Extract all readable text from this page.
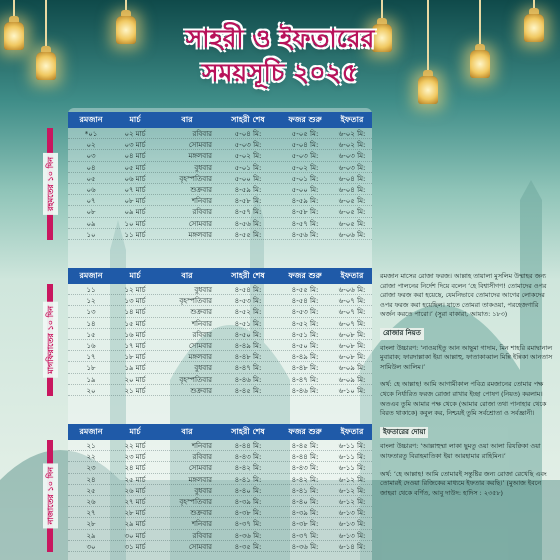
সাহরী ও ইফতারের
সময়সূচি ২০২৫
রমজান	মার্চ	বার	সাহরী শেষ	ফজর শুরু	ইফতার
*০১	০২ মার্চ	রবিবার	৫-০৪ মি:	৫-০৫ মি:	৬-০২ মি:
০২	০৩ মার্চ	সোমবার	৫-০৩ মি:	৫-০৪ মি:	৬-০২ মি:
০৩	০৪ মার্চ	মঙ্গলবার	৫-০২ মি:	৫-০৩ মি:	৬-০৩ মি:
০৪	০৫ মার্চ	বুধবার	৫-০১ মি:	৫-০২ মি:	৬-০৩ মি:
০৫	০৬ মার্চ	বৃহস্পতিবার	৫-০০ মি:	৫-০১ মি:	৬-০৪ মি:
০৬	০৭ মার্চ	শুক্রবার	৪-৫৯ মি:	৫-০০ মি:	৬-০৪ মি:
০৭	০৮ মার্চ	শনিবার	৪-৫৮ মি:	৪-৫৯ মি:	৬-০৫ মি:
০৮	০৯ মার্চ	রবিবার	৪-৫৭ মি:	৪-৫৮ মি:	৬-০৫ মি:
০৯	১০ মার্চ	সোমবার	৪-৫৬ মি:	৪-৫৭ মি:	৬-০৫ মি:
১০	১১ মার্চ	মঙ্গলবার	৪-৫৫ মি:	৪-৫৬ মি:	৬-০৬ মি:
রহমতের ১০ দিন
রমজান	মার্চ	বার	সাহরী শেষ	ফজর শুরু	ইফতার
১১	১২ মার্চ	বুধবার	৪-৫৪ মি:	৪-৫৫ মি:	৬-০৬ মি:
১২	১৩ মার্চ	বৃহস্পতিবার	৪-৫৩ মি:	৪-৫৪ মি:	৬-০৭ মি:
১৩	১৪ মার্চ	শুক্রবার	৪-৫২ মি:	৪-৫৩ মি:	৬-০৭ মি:
১৪	১৫ মার্চ	শনিবার	৪-৫১ মি:	৪-৫২ মি:	৬-০৭ মি:
১৫	১৬ মার্চ	রবিবার	৪-৫০ মি:	৪-৫১ মি:	৬-০৮ মি:
১৬	১৭ মার্চ	সোমবার	৪-৪৯ মি:	৪-৫০ মি:	৬-০৮ মি:
১৭	১৮ মার্চ	মঙ্গলবার	৪-৪৮ মি:	৪-৪৯ মি:	৬-০৮ মি:
১৮	১৯ মার্চ	বুধবার	৪-৪৭ মি:	৪-৪৮ মি:	৬-০৯ মি:
১৯	২০ মার্চ	বৃহস্পতিবার	৪-৪৬ মি:	৪-৪৭ মি:	৬-০৯ মি:
২০	২১ মার্চ	শুক্রবার	৪-৪৫ মি:	৪-৪৬ মি:	৬-১০ মি:
মাগফিরাতের ১০ দিন
রমজান	মার্চ	বার	সাহরী শেষ	ফজর শুরু	ইফতার
২১	২২ মার্চ	শনিবার	৪-৪৪ মি:	৪-৪৫ মি:	৬-১১ মি:
২২	২৩ মার্চ	রবিবার	৪-৪৩ মি:	৪-৪৪ মি:	৬-১১ মি:
২৩	২৪ মার্চ	সোমবার	৪-৪২ মি:	৪-৪৩ মি:	৬-১১ মি:
২৪	২৫ মার্চ	মঙ্গলবার	৪-৪১ মি:	৪-৪২ মি:	৬-১২ মি:
২৫	২৬ মার্চ	বুধবার	৪-৪০ মি:	৪-৪১ মি:	৬-১২ মি:
২৬	২৭ মার্চ	বৃহস্পতিবার	৪-৩৯ মি:	৪-৪০ মি:	৬-১২ মি:
২৭	২৮ মার্চ	শুক্রবার	৪-৩৮ মি:	৪-৩৯ মি:	৬-১৩ মি:
২৮	২৯ মার্চ	শনিবার	৪-৩৭ মি:	৪-৩৮ মি:	৬-১৩ মি:
২৯	৩০ মার্চ	রবিবার	৪-৩৬ মি:	৪-৩৭ মি:	৬-১৩ মি:
৩০	৩১ মার্চ	সোমবার	৪-৩৫ মি:	৪-৩৬ মি:	৬-১৪ মি:
নাজাতের ১০ দিন
রমজান মাসের রোজা ফরজ। আল্লাহ তায়ালা মুসলিম উম্মাহর জন্য রোজা পালনের নির্দেশ দিয়ে বলেন ‘হে বিশ্বাসীগণ! তোমাদের ওপর রোজা ফরজ করা হয়েছে, যেমনিভাবে তোমাদের আগের লোকদের ওপর ফরজ করা হয়েছিল। যাতে তোমরা তাকওয়া, পরহেজগারি অর্জন করতে পারো।’ (সুরা বাকারা, আয়াত: ১৮৩)
রোজার নিয়ত
বাংলা উচ্চারণ: ‘নাওয়াইতু আন আছুমা গাদাম, মিন শাহরি রমাদ্বানাল মুবারাক; ফারদাল্লাকা ইয়া আল্লাহু, ফাতাকাব্বাল মিন্নি ইন্নিকা আনতাস সামিউল আলিম।’
অর্থ: হে আল্লাহ! আমি আগামীকাল পবিত্র রমজানের তোমার পক্ষ থেকে নির্ধারিত ফরজ রোজা রাখার ইচ্ছা পোষণ (নিয়ত) করলাম। অতএব তুমি আমার পক্ষ থেকে (আমার রোজা তথা পানাহার থেকে বিরত থাকাকে) কবুল কর, নিশ্চয়ই তুমি সর্বশ্রোতা ও সর্বজ্ঞানী।
ইফতারের দোয়া
বাংলা উচ্চারণ: ‘আল্লাহুম্মা লাকা ছুমতু ওয়া আলা রিযক্বিকা ওয়া আফতারতু বিরাহমাতিকা ইয়া আরহামার রাহিমিন।’
অর্থ: ‘হে আল্লাহ! আমি তোমারই সন্তুষ্টির জন্য রোজা রেখেছি এবং তোমারই দেওয়া রিজিকের মাধ্যমে ইফতার করছি।’ (মুআজ ইবনে জাহরা থেকে বর্ণিত, আবু দাউদ: হাদিস : ২৩৫৮)
